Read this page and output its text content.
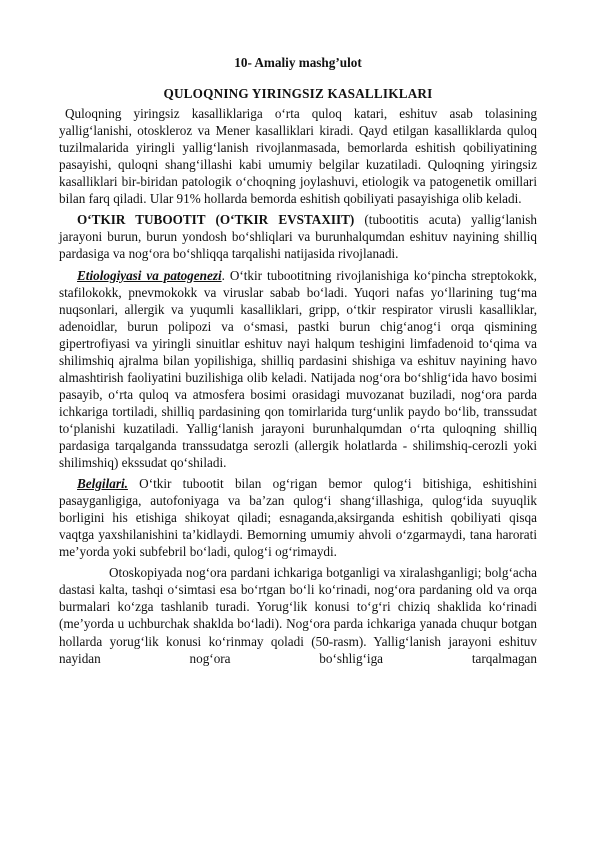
10- Amaliy mashg’ulot
QULOQNING YIRINGSIZ KASALLIKLARI

Quloqning yiringsiz kasalliklariga o‘rta quloq katari, eshituv asab tolasining yallig‘lanishi, otoskleroz va Mener kasalliklari kiradi. Qayd etilgan kasalliklarda quloq tuzilmalarida yiringli yallig‘lanish rivojlanmasada, bemorlarda eshitish qobiliyatining pasayishi, quloqni shang‘illashi kabi umumiy belgilar kuzatiladi. Quloqning yiringsiz kasalliklari bir-biridan patologik o‘choqning joylashuvi, etiologik va patogenetik omillari bilan farq qiladi. Ular 91% hollarda bemorda eshitish qobiliyati pasayishiga olib keladi.

O‘TKIR TUBOOTIT (O‘TKIR EVSTAXIIT) (tubootitis acuta) yallig‘lanish jarayoni burun, burun yondosh bo‘shliqlari va burunhalqumdan eshituv nayining shilliq pardasiga va nog‘ora bo‘shliqqa tarqalishi natijasida rivojlanadi.

Etiologiyasi va patogenezi. O‘tkir tubootitning rivojlanishiga ko‘pincha streptokokk, stafilokokk, pnevmokokk va viruslar sabab bo‘ladi. Yuqori nafas yo‘llarining tug‘ma nuqsonlari, allergik va yuqumli kasalliklari, gripp, o‘tkir respirator virusli kasalliklar, adenoidlar, burun polipozi va o‘smasi, pastki burun chig‘anog‘i orqa qismining gipertrofiyasi va yiringli sinuitlar eshituv nayi halqum teshigini limfadenoid to‘qima va shilimshiq ajralma bilan yopilishiga, shilliq pardasini shishiga va eshituv nayining havo almashtirish faoliyatini buzilishiga olib keladi. Natijada nog‘ora bo‘shlig‘ida havo bosimi pasayib, o‘rta quloq va atmosfera bosimi orasidagi muvozanat buziladi, nog‘ora parda ichkariga tortiladi, shilliq pardasining qon tomirlarida turg‘unlik paydo bo‘lib, transsudat to‘planishi kuzatiladi. Yallig‘lanish jarayoni burunhalqumdan o‘rta quloqning shilliq pardasiga tarqalganda transsudatga serozli (allergik holatlarda - shilimshiq-cerozli yoki shilimshiq) ekssudat qo‘shiladi.

Belgilari. O‘tkir tubootit bilan og‘rigan bemor qulog‘i bitishiga, eshitishini pasayganligiga, autofoniyaga va ba’zan qulog‘i shang‘illashiga, qulog‘ida suyuqlik borligini his etishiga shikoyat qiladi; esnaganda,aksirganda eshitish qobiliyati qisqa vaqtga yaxshilanishini ta’kidlaydi. Bemorning umumiy ahvoli o‘zgarmaydi, tana harorati me’yorda yoki subfebril bo‘ladi, qulog‘i og‘rimaydi.

Otoskopiyada nog‘ora pardani ichkariga botganligi va xiralashganligi; bolg‘acha dastasi kalta, tashqi o‘simtasi esa bo‘rtgan bo‘li ko‘rinadi, nog‘ora pardaning old va orqa burmalari ko‘zga tashlanib turadi. Yorug‘lik konusi to‘g‘ri chiziq shaklida ko‘rinadi (me’yorda u uchburchak shaklda bo‘ladi). Nog‘ora parda ichkariga yanada chuqur botgan hollarda yorug‘lik konusi ko‘rinmay qoladi (50-rasm). Yallig‘lanish jarayoni eshituv nayidan nog‘ora bo‘shlig‘iga tarqalmagan
